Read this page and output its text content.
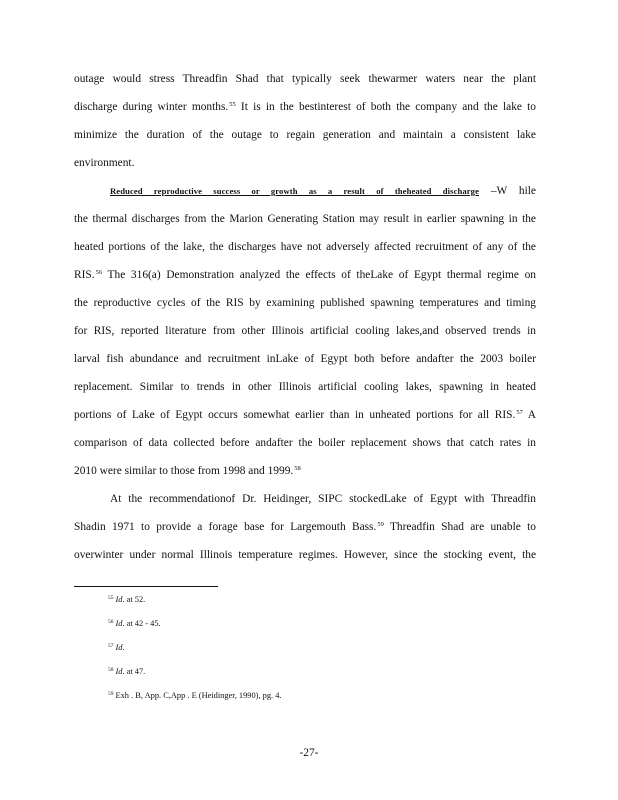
outage would stress Threadfin Shad that typically seek thewarmer waters near the plant
discharge during winter months.$^{55}$ It is in the bestinterest of both the company and the lake to
minimize the duration of the outage to regain generation and maintain a consistent lake
environment.
Reduced reproductive success or growth as a result of theheated discharge –W hile
the thermal discharges from the Marion Generating Station may result in earlier spawning in the
heated portions of the lake, the discharges have not adversely affected recruitment of any of the
RIS.$^{56}$ The 316(a) Demonstration analyzed the effects of theLake of Egypt thermal regime on
the reproductive cycles of the RIS by examining published spawning temperatures and timing
for RIS, reported literature from other Illinois artificial cooling lakes,and observed trends in
larval fish abundance and recruitment inLake of Egypt both before andafter the 2003 boiler
replacement. Similar to trends in other Illinois artificial cooling lakes, spawning in heated
portions of Lake of Egypt occurs somewhat earlier than in unheated portions for all RIS.$^{57}$ A
comparison of data collected before andafter the boiler replacement shows that catch rates in
2010 were similar to those from 1998 and 1999.58
At the recommendationof Dr. Heidinger, SIPC stockedLake of Egypt with Threadfin
Shadin 1971 to provide a forage base for Largemouth Bass.$^{59}$ Threadfin Shad are unable to
overwinter under normal Illinois temperature regimes. However, since the stocking event, the
$^{55}$ Id. at 52.
$^{56}$ Id. at 42 - 45.
$^{57}$ Id.
$^{58}$ Id. at 47.
$^{59}$ Exh . B, App. C,App . E (Heidinger, 1990), pg. 4.
-27-
